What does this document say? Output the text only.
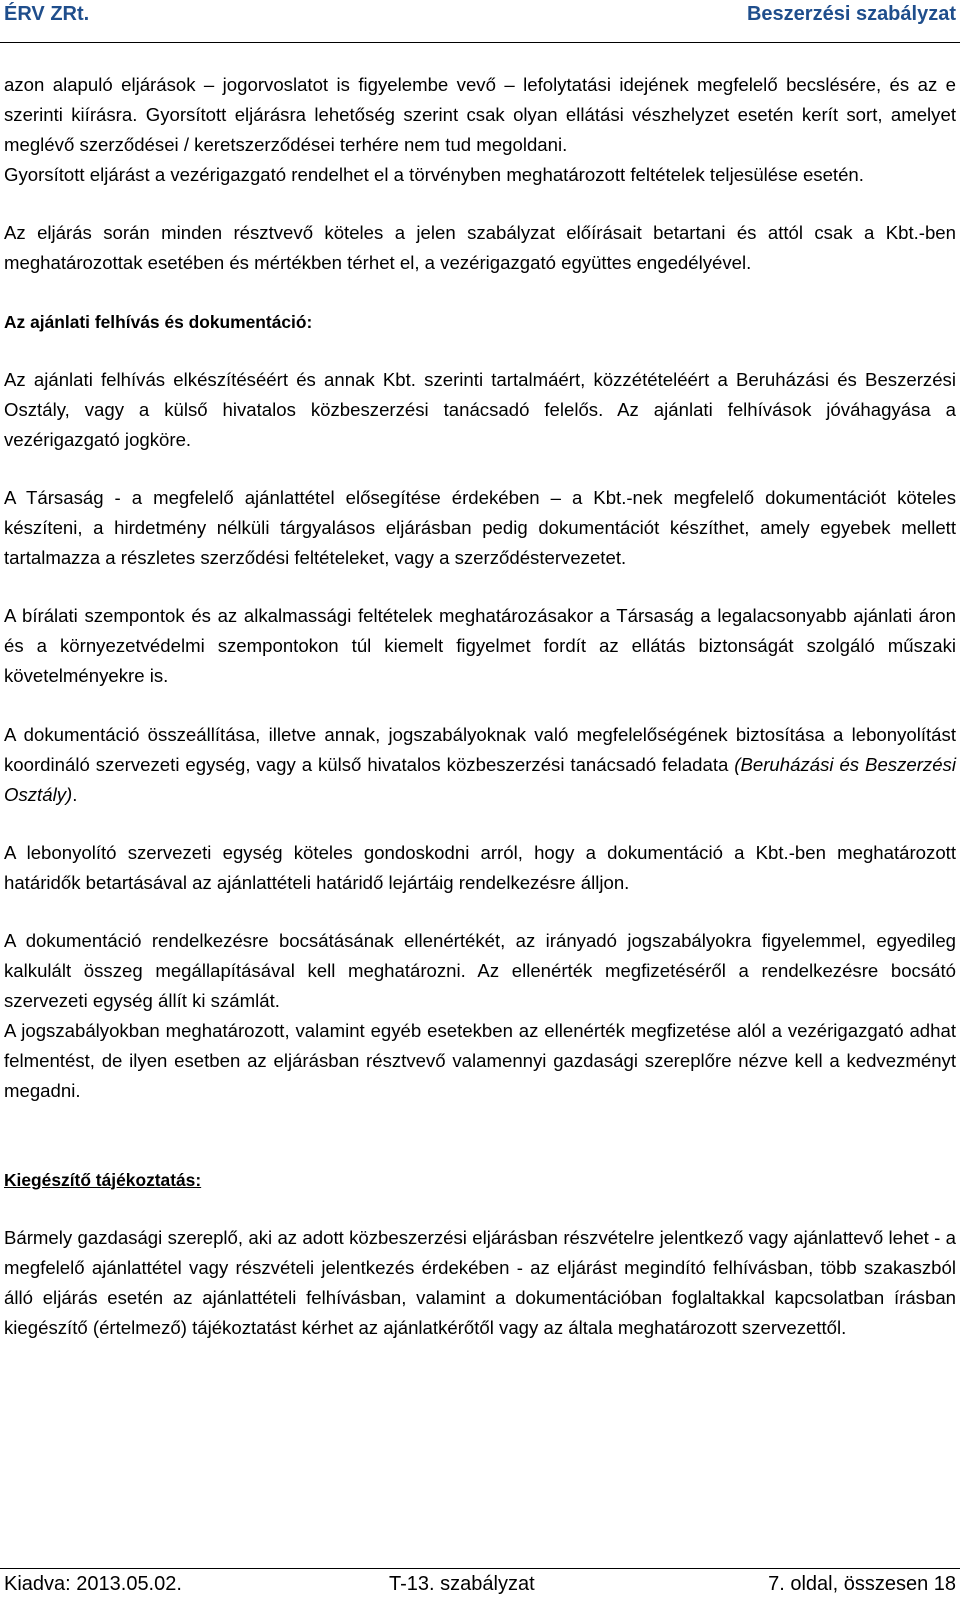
ÉRV ZRt.	Beszerzési szabályzat

azon alapuló eljárások – jogorvoslatot is figyelembe vevő – lefolytatási idejének megfelelő becslésére, és az e szerinti kiírásra. Gyorsított eljárásra lehetőség szerint csak olyan ellátási vészhelyzet esetén kerít sort, amelyet meglévő szerződései / keretszerződései terhére nem tud megoldani.

Gyorsított eljárást a vezérigazgató rendelhet el a törvényben meghatározott feltételek teljesülése esetén.

Az eljárás során minden résztvevő köteles a jelen szabályzat előírásait betartani és attól csak a Kbt.-ben meghatározottak esetében és mértékben térhet el, a vezérigazgató együttes engedélyével.

Az ajánlati felhívás és dokumentáció:

Az ajánlati felhívás elkészítéséért és annak Kbt. szerinti tartalmáért, közzétételéért a Beruházási és Beszerzési Osztály, vagy a külső hivatalos közbeszerzési tanácsadó felelős. Az ajánlati felhívások jóváhagyása a vezérigazgató jogköre.

A Társaság - a megfelelő ajánlattétel elősegítése érdekében – a Kbt.-nek megfelelő dokumentációt köteles készíteni, a hirdetmény nélküli tárgyalásos eljárásban pedig dokumentációt készíthet, amely egyebek mellett tartalmazza a részletes szerződési feltételeket, vagy a szerződéstervezetet.

A bírálati szempontok és az alkalmassági feltételek meghatározásakor a Társaság a legalacsonyabb ajánlati áron és a környezetvédelmi szempontokon túl kiemelt figyelmet fordít az ellátás biztonságát szolgáló műszaki követelményekre is.

A dokumentáció összeállítása, illetve annak, jogszabályoknak való megfelelőségének biztosítása a lebonyolítást koordináló szervezeti egység, vagy a külső hivatalos közbeszerzési tanácsadó feladata (Beruházási és Beszerzési Osztály).

A lebonyolító szervezeti egység köteles gondoskodni arról, hogy a dokumentáció a Kbt.-ben meghatározott határidők betartásával az ajánlattételi határidő lejártáig rendelkezésre álljon.

A dokumentáció rendelkezésre bocsátásának ellenértékét, az irányadó jogszabályokra figyelemmel, egyedileg kalkulált összeg megállapításával kell meghatározni. Az ellenérték megfizetéséről a rendelkezésre bocsátó szervezeti egység állít ki számlát.

A jogszabályokban meghatározott, valamint egyéb esetekben az ellenérték megfizetése alól a vezérigazgató adhat felmentést, de ilyen esetben az eljárásban résztvevő valamennyi gazdasági szereplőre nézve kell a kedvezményt megadni.

Kiegészítő tájékoztatás:

Bármely gazdasági szereplő, aki az adott közbeszerzési eljárásban részvételre jelentkező vagy ajánlattevő lehet - a megfelelő ajánlattétel vagy részvételi jelentkezés érdekében - az eljárást megindító felhívásban, több szakaszból álló eljárás esetén az ajánlattételi felhívásban, valamint a dokumentációban foglaltakkal kapcsolatban írásban kiegészítő (értelmező) tájékoztatást kérhet az ajánlatkérőtől vagy az általa meghatározott szervezettől.

Kiadva: 2013.05.02.	T-13. szabályzat	7. oldal, összesen 18
